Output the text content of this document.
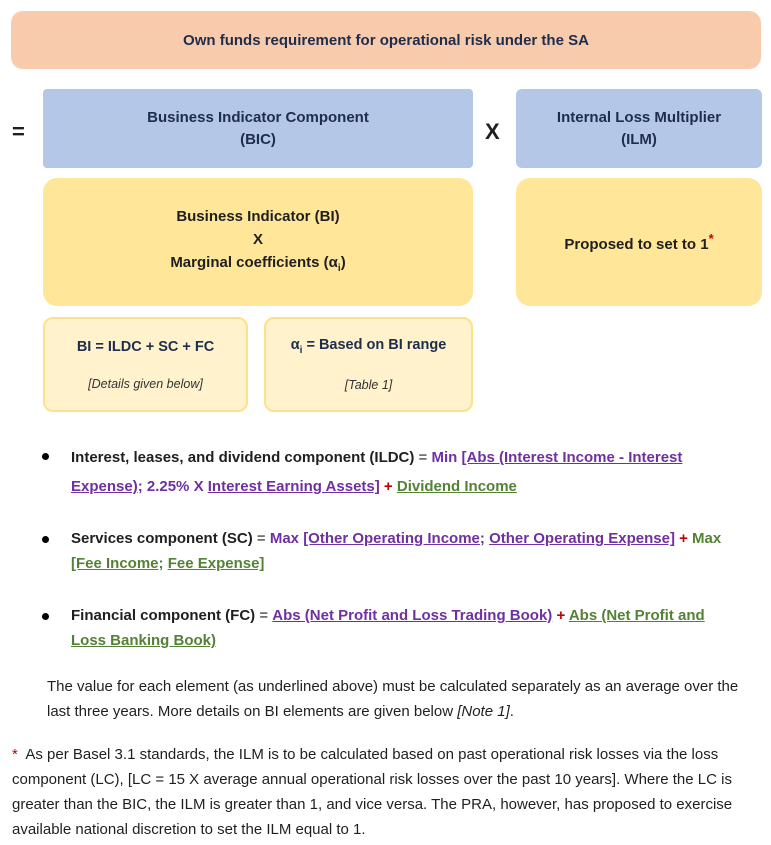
Own funds requirement for operational risk under the SA
=	X
Business Indicator Component
(BIC)
Internal Loss Multiplier
(ILM)
Business Indicator (BI)
X
Marginal coefficients $(\alpha_i)$
Proposed to set to 1*
BI = ILDC + SC + FC
[Details given below]
$\alpha_i$ = Based on BI range
[Table 1]
Interest, leases, and dividend component (ILDC) = Min [Abs (Interest Income - Interest Expense); 2.25% X Interest Earning Assets] + Dividend Income
Services component (SC) = Max [Other Operating Income; Other Operating Expense] + Max [Fee Income; Fee Expense]
Financial component (FC) = Abs (Net Profit and Loss Trading Book) + Abs (Net Profit and Loss Banking Book)
The value for each element (as underlined above) must be calculated separately as an average over the last three years. More details on BI elements are given below [Note 1].
*  As per Basel 3.1 standards, the ILM is to be calculated based on past operational risk losses via the loss component (LC), [LC = 15 X average annual operational risk losses over the past 10 years]. Where the LC is greater than the BIC, the ILM is greater than 1, and vice versa. The PRA, however, has proposed to exercise available national discretion to set the ILM equal to 1.
